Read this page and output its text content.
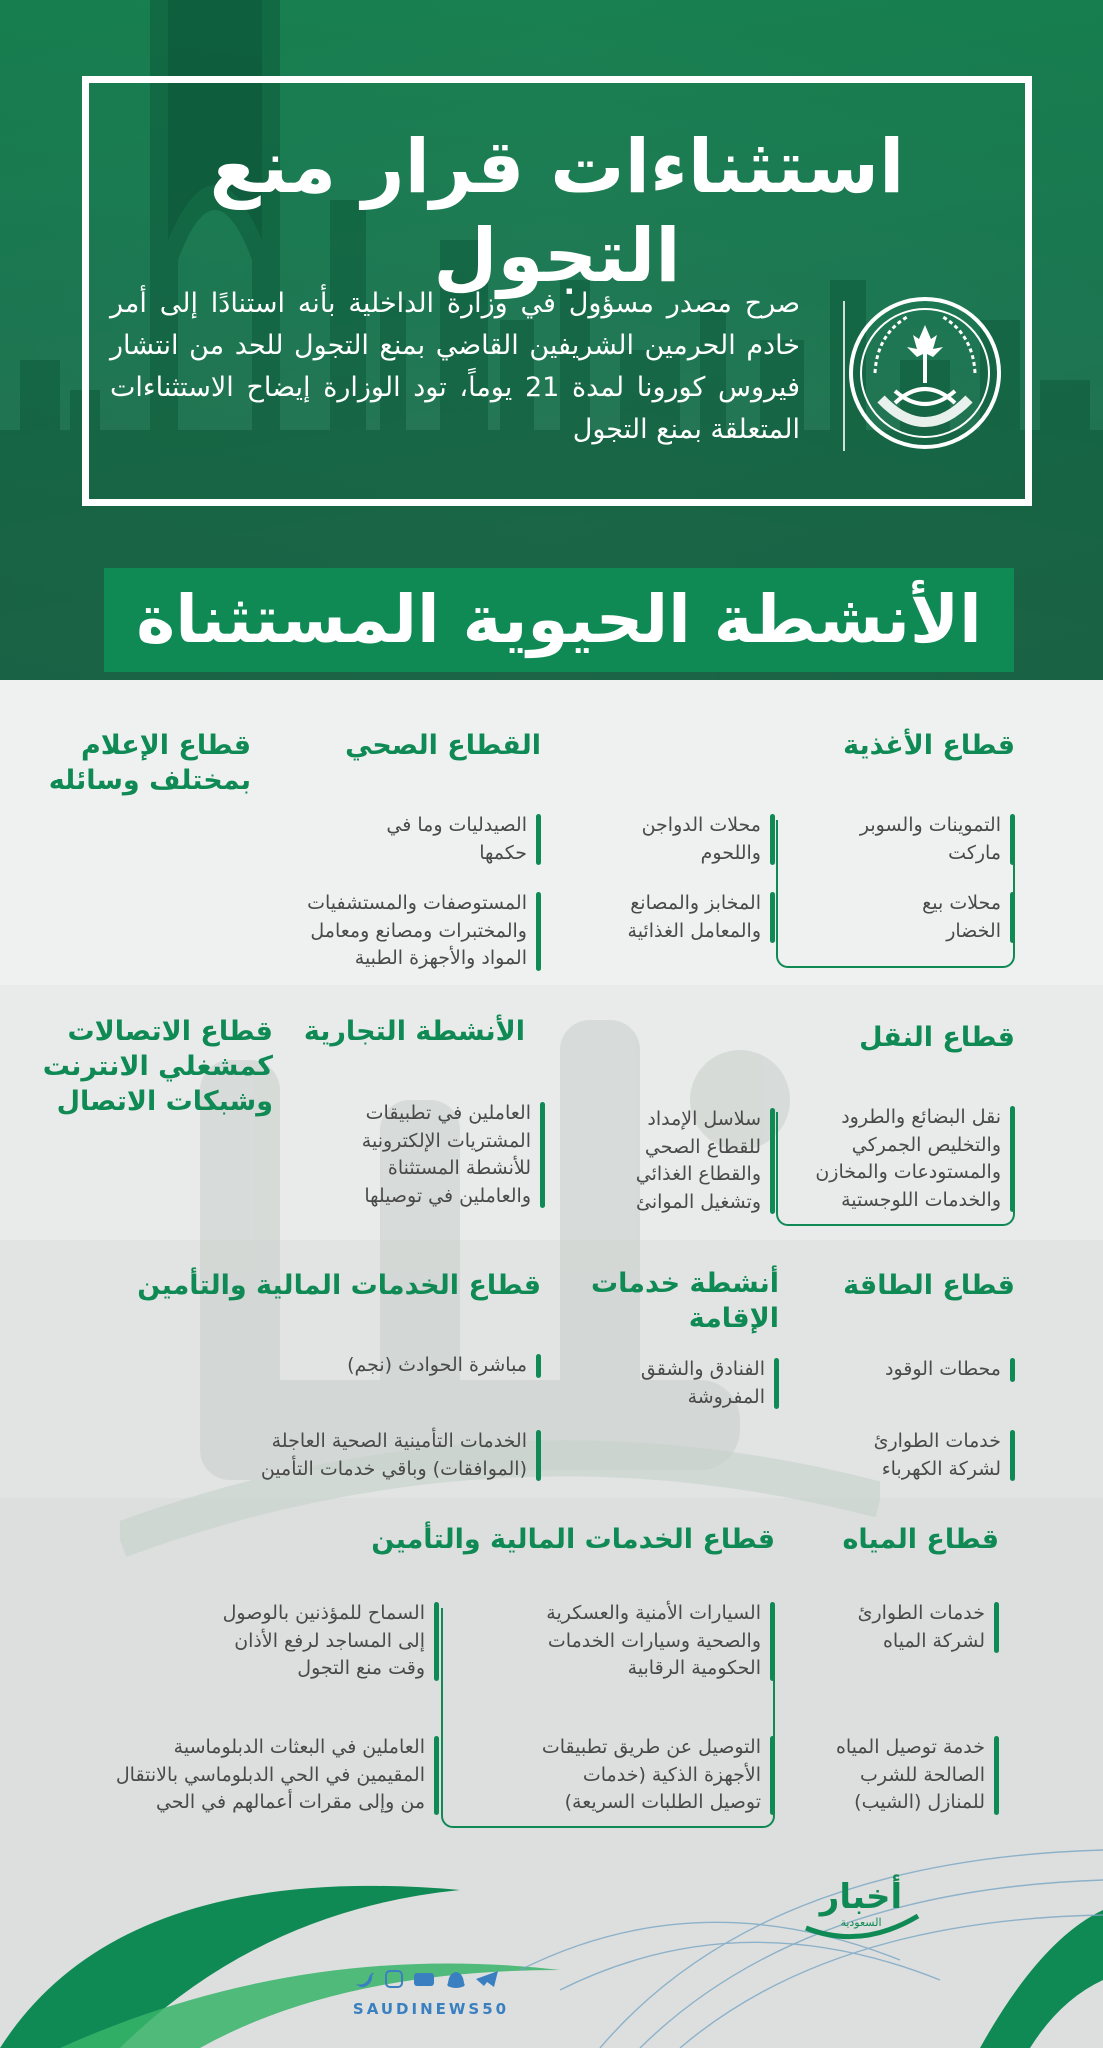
استثناءات قرار منع التجول
صرح مصدر مسؤول في وزارة الداخلية بأنه استنادًا إلى أمر خادم الحرمين الشريفين القاضي بمنع التجول للحد من انتشار فيروس كورونا لمدة 21 يوماً، تود الوزارة إيضاح الاستثناءات المتعلقة بمنع التجول
الأنشطة الحيوية المستثناة
قطاع الأغذية
التموينات والسوبر
ماركت
محلات بيع
الخضار
محلات الدواجن
واللحوم
المخابز والمصانع
والمعامل الغذائية
القطاع الصحي
الصيدليات وما في
حكمها
المستوصفات والمستشفيات
والمختبرات ومصانع ومعامل
المواد والأجهزة الطبية
قطاع الإعلام
بمختلف وسائله
قطاع النقل
نقل البضائع والطرود
والتخليص الجمركي
والمستودعات والمخازن
والخدمات اللوجستية
سلاسل الإمداد
للقطاع الصحي
والقطاع الغذائي
وتشغيل الموانئ
الأنشطة التجارية
العاملين في تطبيقات
المشتريات الإلكترونية
للأنشطة المستثناة
والعاملين في توصيلها
قطاع الاتصالات
كمشغلي الانترنت
وشبكات الاتصال
قطاع الطاقة
محطات الوقود
خدمات الطوارئ
لشركة الكهرباء
أنشطة خدمات
الإقامة
الفنادق والشقق
المفروشة
قطاع الخدمات المالية والتأمين
مباشرة الحوادث (نجم)
الخدمات التأمينية الصحية العاجلة
(الموافقات) وباقي خدمات التأمين
قطاع المياه
خدمات الطوارئ
لشركة المياه
خدمة توصيل المياه
الصالحة للشرب
للمنازل (الشيب)
قطاع الخدمات المالية والتأمين
السيارات الأمنية والعسكرية
والصحية وسيارات الخدمات
الحكومية الرقابية
التوصيل عن طريق تطبيقات
الأجهزة الذكية (خدمات
توصيل الطلبات السريعة)
السماح للمؤذنين بالوصول
إلى المساجد لرفع الأذان
وقت منع التجول
العاملين في البعثات الدبلوماسية
المقيمين في الحي الدبلوماسي بالانتقال
من وإلى مقرات أعمالهم في الحي
أخبار
السعودية
SAUDINEWS50
